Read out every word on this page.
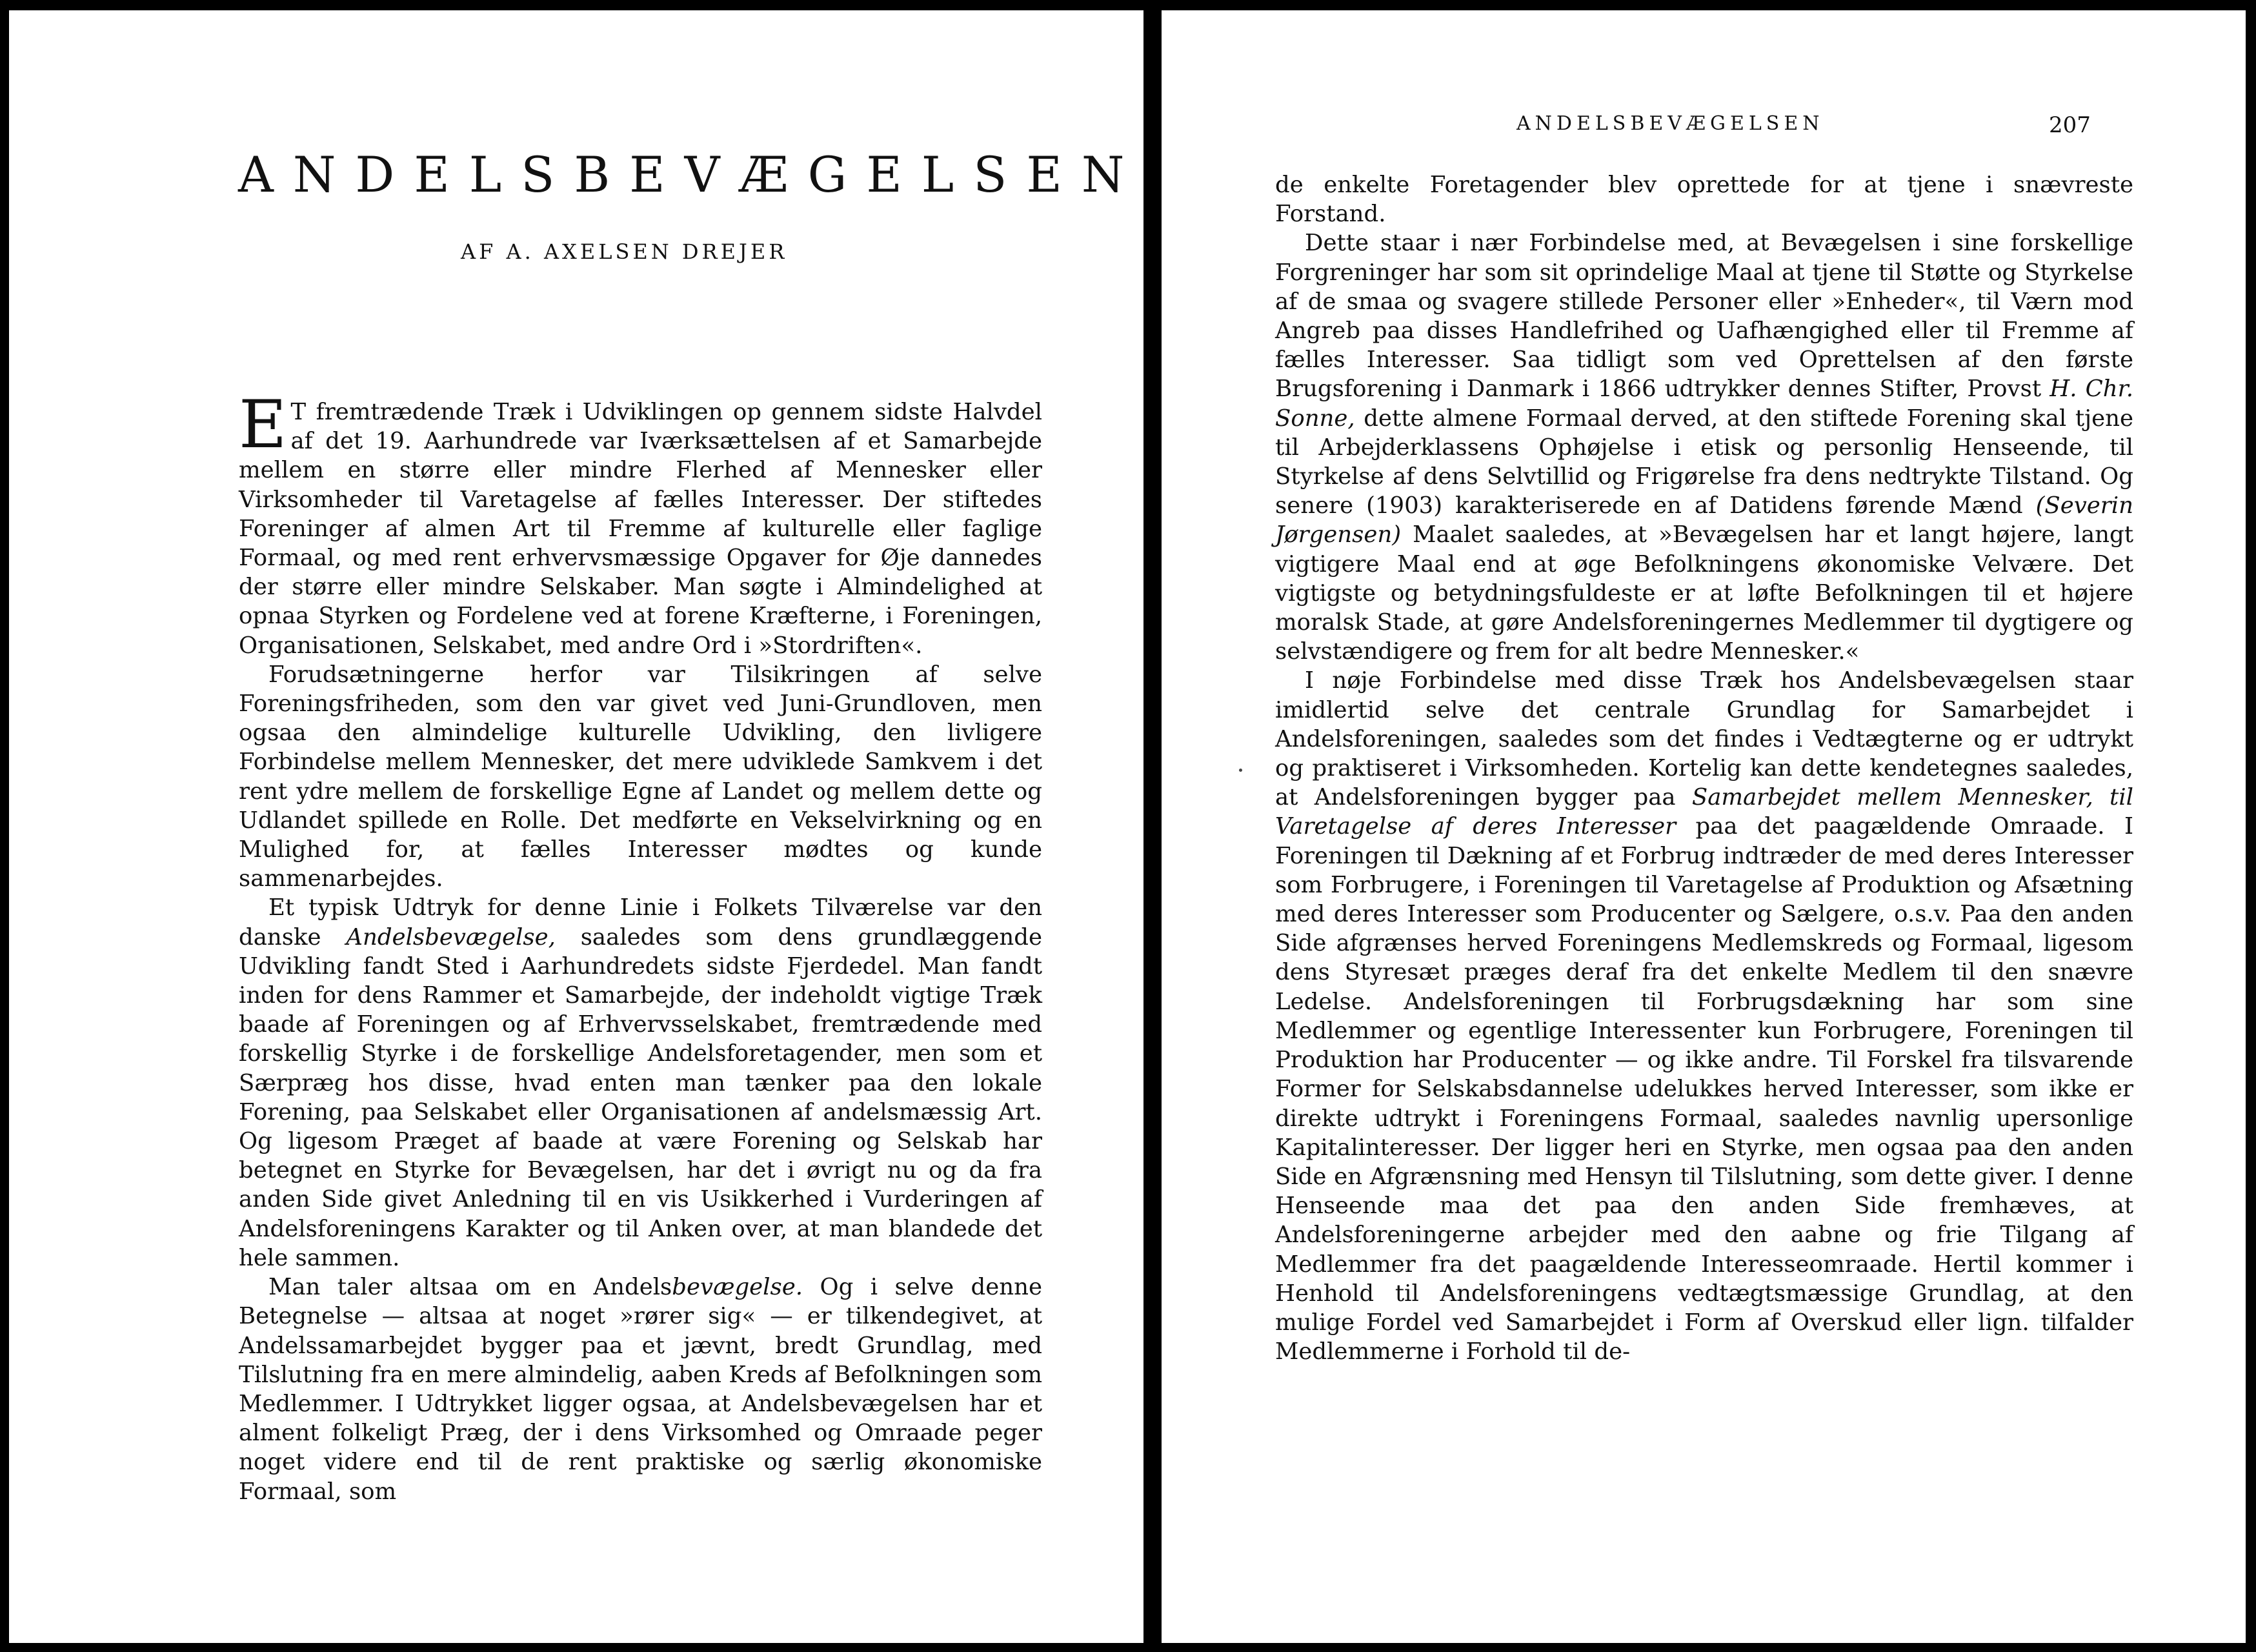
ANDELSBEVÆGELSEN

AF A. AXELSEN DREJER

E T fremtrædende Træk i Udviklingen op gennem sidste Halvdel af det 19. Aarhundrede var Iværksættelsen af et Samarbejde mellem en større eller mindre Flerhed af Mennesker eller Virksomheder til Varetagelse af fælles Interesser. Der stiftedes Foreninger af almen Art til Fremme af kulturelle eller faglige Formaal, og med rent erhvervsmæssige Opgaver for Øje dannedes der større eller mindre Selskaber. Man søgte i Almindelighed at opnaa Styrken og Fordelene ved at forene Kræfterne, i Foreningen, Organisationen, Selskabet, med andre Ord i »Stordriften«.

Forudsætningerne herfor var Tilsikringen af selve Foreningsfriheden, som den var givet ved Juni-Grundloven, men ogsaa den almindelige kulturelle Udvikling, den livligere Forbindelse mellem Mennesker, det mere udviklede Samkvem i det rent ydre mellem de forskellige Egne af Landet og mellem dette og Udlandet spillede en Rolle. Det medførte en Vekselvirkning og en Mulighed for, at fælles Interesser mødtes og kunde sammenarbejdes.

Et typisk Udtryk for denne Linie i Folkets Tilværelse var den danske Andelsbevægelse, saaledes som dens grundlæggende Udvikling fandt Sted i Aarhundredets sidste Fjerdedel. Man fandt inden for dens Rammer et Samarbejde, der indeholdt vigtige Træk baade af Foreningen og af Erhvervsselskabet, fremtrædende med forskellig Styrke i de forskellige Andelsforetagender, men som et Særpræg hos disse, hvad enten man tænker paa den lokale Forening, paa Selskabet eller Organisationen af andelsmæssig Art. Og ligesom Præget af baade at være Forening og Selskab har betegnet en Styrke for Bevægelsen, har det i øvrigt nu og da fra anden Side givet Anledning til en vis Usikkerhed i Vurderingen af Andelsforeningens Karakter og til Anken over, at man blandede det hele sammen.

Man taler altsaa om en Andelsbevægelse. Og i selve denne Betegnelse — altsaa at noget »rører sig« — er tilkendegivet, at Andelssamarbejdet bygger paa et jævnt, bredt Grundlag, med Tilslutning fra en mere almindelig, aaben Kreds af Befolkningen som Medlemmer. I Udtrykket ligger ogsaa, at Andelsbevægelsen har et alment folkeligt Præg, der i dens Virksomhed og Omraade peger noget videre end til de rent praktiske og særlig økonomiske Formaal, som

ANDELSBEVÆGELSEN	207

de enkelte Foretagender blev oprettede for at tjene i snævreste Forstand.

Dette staar i nær Forbindelse med, at Bevægelsen i sine forskellige Forgreninger har som sit oprindelige Maal at tjene til Støtte og Styrkelse af de smaa og svagere stillede Personer eller »Enheder«, til Værn mod Angreb paa disses Handlefrihed og Uafhængighed eller til Fremme af fælles Interesser. Saa tidligt som ved Oprettelsen af den første Brugsforening i Danmark i 1866 udtrykker dennes Stifter, Provst H. Chr. Sonne, dette almene Formaal derved, at den stiftede Forening skal tjene til Arbejderklassens Ophøjelse i etisk og personlig Henseende, til Styrkelse af dens Selvtillid og Frigørelse fra dens nedtrykte Tilstand. Og senere (1903) karakteriserede en af Datidens førende Mænd (Severin Jørgensen) Maalet saaledes, at »Bevægelsen har et langt højere, langt vigtigere Maal end at øge Befolkningens økonomiske Velvære. Det vigtigste og betydningsfuldeste er at løfte Befolkningen til et højere moralsk Stade, at gøre Andelsforeningernes Medlemmer til dygtigere og selvstændigere og frem for alt bedre Mennesker.«

I nøje Forbindelse med disse Træk hos Andelsbevægelsen staar imidlertid selve det centrale Grundlag for Samarbejdet i Andelsforeningen, saaledes som det findes i Vedtægterne og er udtrykt og praktiseret i Virksomheden. Kortelig kan dette kendetegnes saaledes, at Andelsforeningen bygger paa Samarbejdet mellem Mennesker, til Varetagelse af deres Interesser paa det paagældende Omraade. I Foreningen til Dækning af et Forbrug indtræder de med deres Interesser som Forbrugere, i Foreningen til Varetagelse af Produktion og Afsætning med deres Interesser som Producenter og Sælgere, o.s.v. Paa den anden Side afgrænses herved Foreningens Medlemskreds og Formaal, ligesom dens Styresæt præges deraf fra det enkelte Medlem til den snævre Ledelse. Andelsforeningen til Forbrugsdækning har som sine Medlemmer og egentlige Interessenter kun Forbrugere, Foreningen til Produktion har Producenter — og ikke andre. Til Forskel fra tilsvarende Former for Selskabsdannelse udelukkes herved Interesser, som ikke er direkte udtrykt i Foreningens Formaal, saaledes navnlig upersonlige Kapitalinteresser. Der ligger heri en Styrke, men ogsaa paa den anden Side en Afgrænsning med Hensyn til Tilslutning, som dette giver. I denne Henseende maa det paa den anden Side fremhæves, at Andelsforeningerne arbejder med den aabne og frie Tilgang af Medlemmer fra det paagældende Interesseomraade. Hertil kommer i Henhold til Andelsforeningens vedtægtsmæssige Grundlag, at den mulige Fordel ved Samarbejdet i Form af Overskud eller lign. tilfalder Medlemmerne i Forhold til de-
